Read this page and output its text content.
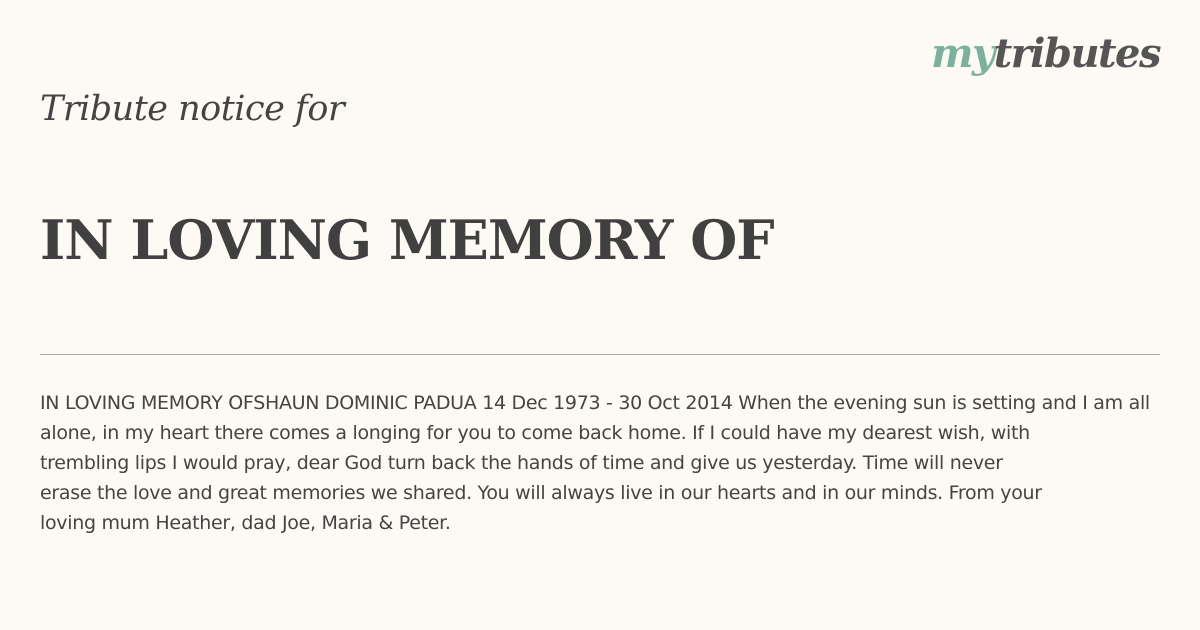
mytributes
Tribute notice for
IN LOVING MEMORY OF

IN LOVING MEMORY OFSHAUN DOMINIC PADUA 14 Dec 1973 - 30 Oct 2014 When the evening sun is setting and I am all
alone, in my heart there comes a longing for you to come back home. If I could have my dearest wish, with
trembling lips I would pray, dear God turn back the hands of time and give us yesterday. Time will never
erase the love and great memories we shared. You will always live in our hearts and in our minds. From your
loving mum Heather, dad Joe, Maria & Peter.
